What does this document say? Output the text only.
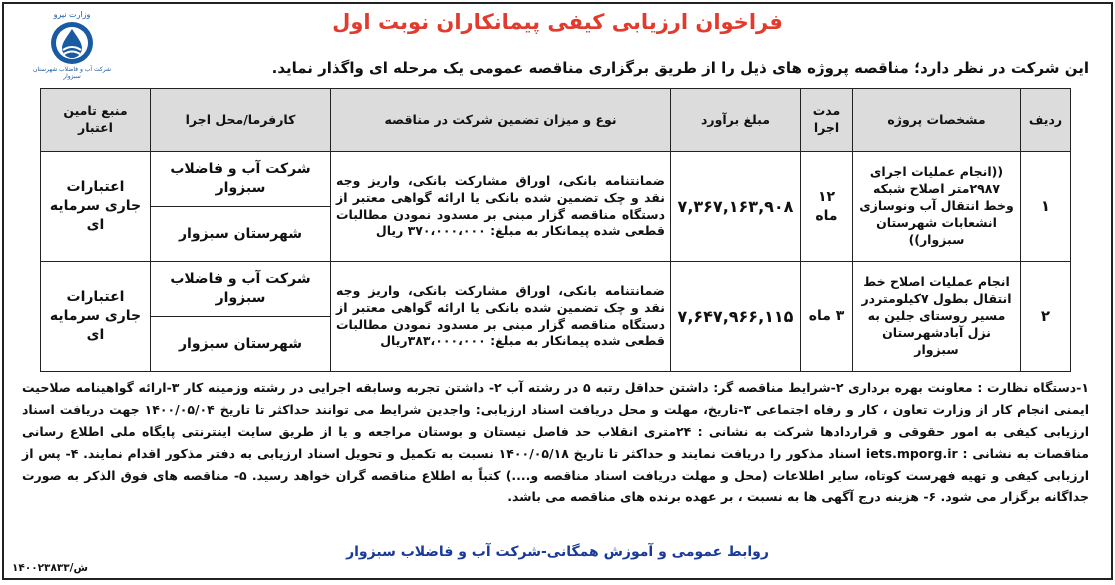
فراخوان ارزیابی کیفی پیمانکاران نوبت اول
وزارت نیرو
شرکت آب و فاضلاب شهرستان سبزوار	این شرکت در نظر دارد؛ مناقصه پروژه های ذیل را از طریق برگزاری مناقصه عمومی یک مرحله ای واگذار نماید.
ردیف	مشخصات پروژه	مدت اجرا	مبلغ برآورد	نوع و میزان تضمین شرکت در مناقصه	کارفرما/محل اجرا	منبع تامین اعتبار
۱	((انجام عملیات اجرای ۲۹۸۷متر اصلاح شبکه وخط انتقال آب ونوسازی انشعابات شهرستان سبزوار))	۱۲ ماه	۷,۳۶۷,۱۶۳,۹۰۸	ضمانتنامه بانکی، اوراق مشارکت بانکی، واریز وجه نقد و چک تضمین شده بانکی یا ارائه گواهی معتبر از دستگاه مناقصه گزار مبنی بر مسدود نمودن مطالبات قطعی شده پیمانکار به مبلغ: ۳۷۰،۰۰۰،۰۰۰ ریال	شرکت آب و فاضلاب سبزوار	اعتبارات جاری سرمایه ای
					شهرستان سبزوار	
۲	انجام عملیات اصلاح خط انتقال بطول ۷کیلومتردر مسیر روستای جلین به نزل آبادشهرستان سبزوار	۳ ماه	۷,۶۴۷,۹۶۶,۱۱۵	ضمانتنامه بانکی، اوراق مشارکت بانکی، واریز وجه نقد و چک تضمین شده بانکی یا ارائه گواهی معتبر از دستگاه مناقصه گزار مبنی بر مسدود نمودن مطالبات قطعی شده پیمانکار به مبلغ: ۳۸۳،۰۰۰،۰۰۰ریال	شرکت آب و فاضلاب سبزوار	اعتبارات جاری سرمایه ای
					شهرستان سبزوار	
۱-دستگاه نظارت : معاونت بهره برداری ۲-شرایط مناقصه گر: داشتن حداقل رتبه ۵ در رشته آب ۲- داشتن تجربه وسابقه اجرایی در رشته وزمینه کار ۳-ارائه گواهینامه صلاحیت ایمنی انجام کار از وزارت تعاون ، کار و رفاه اجتماعی ۳-تاریخ، مهلت و محل دریافت اسناد ارزیابی: واجدین شرایط می توانند حداکثر تا تاریخ ۱۴۰۰/۰۵/۰۴ جهت دریافت اسناد ارزیابی کیفی به امور حقوقی و قراردادها شرکت به نشانی : ۲۴متری انقلاب حد فاصل نیستان و بوستان مراجعه و یا از طریق سایت اینترنتی پایگاه ملی اطلاع رسانی مناقصات به نشانی : iets.mporg.ir اسناد مذکور را دریافت نمایند و حداکثر تا تاریخ ۱۴۰۰/۰۵/۱۸ نسبت به تکمیل و تحویل اسناد ارزیابی به دفتر مذکور اقدام نمایند. ۴- پس از ارزیابی کیفی و تهیه فهرست کوتاه، سایر اطلاعات (محل و مهلت دریافت اسناد مناقصه و....) کتباً به اطلاع مناقصه گران خواهد رسید. ۵- مناقصه های فوق الذکر به صورت جداگانه برگزار می شود. ۶- هزینه درج آگهی ها به نسبت ، بر عهده برنده های مناقصه می باشد.
روابط عمومی و آموزش همگانی-شرکت آب و فاضلاب سبزوار
۱۴۰۰۲۳۸۳۳/ش
